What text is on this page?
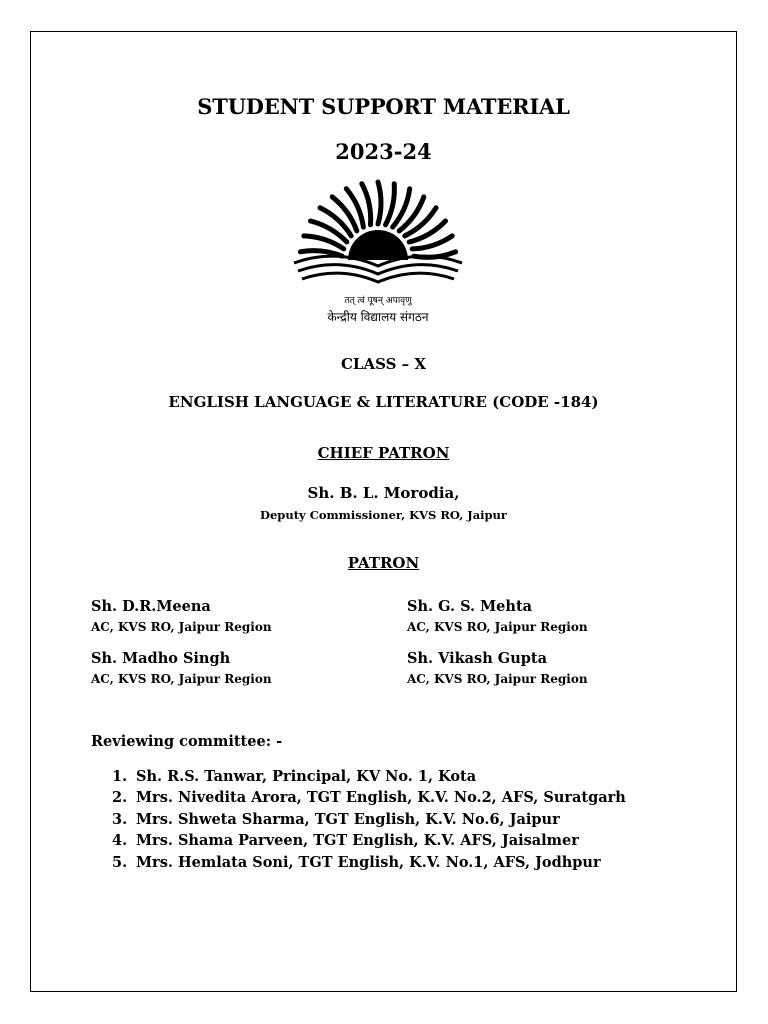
STUDENT SUPPORT MATERIAL
2023-24
तत् त्वं पूषन् अपावृणु
केन्द्रीय विद्यालय संगठन
CLASS – X
ENGLISH LANGUAGE & LITERATURE (CODE -184)
CHIEF PATRON
Sh. B. L. Morodia,
Deputy Commissioner, KVS RO, Jaipur
PATRON
Sh. D.R.Meena
AC, KVS RO, Jaipur Region
Sh. G. S. Mehta
AC, KVS RO, Jaipur Region
Sh. Madho Singh
AC, KVS RO, Jaipur Region
Sh. Vikash Gupta
AC, KVS RO, Jaipur Region
Reviewing committee: -
1. Sh. R.S. Tanwar, Principal, KV No. 1, Kota
2. Mrs. Nivedita Arora, TGT English, K.V. No.2, AFS, Suratgarh
3. Mrs. Shweta Sharma, TGT English, K.V. No.6, Jaipur
4. Mrs. Shama Parveen, TGT English, K.V. AFS, Jaisalmer
5. Mrs. Hemlata Soni, TGT English, K.V. No.1, AFS, Jodhpur
